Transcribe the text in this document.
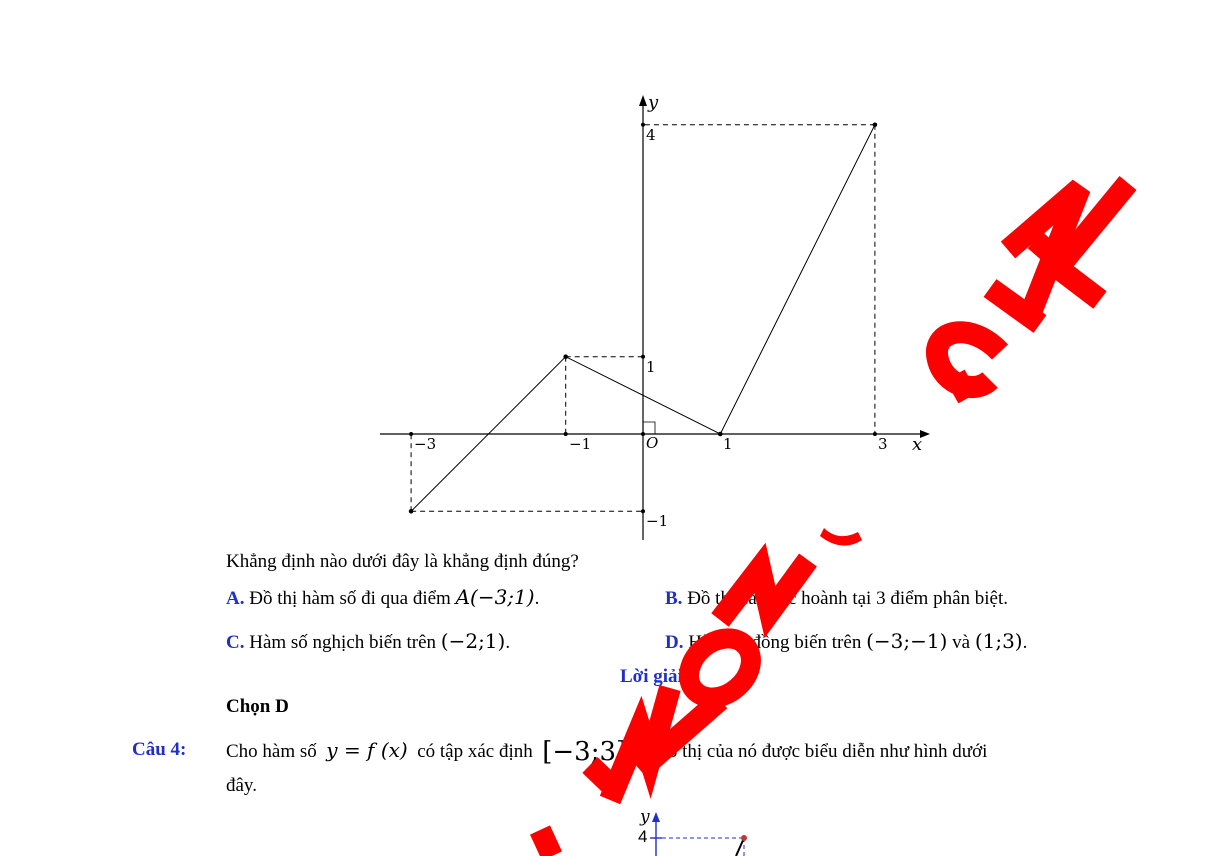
y
x
O
−3	−1	1	3
4
1
−1
Khẳng định nào dưới đây là khẳng định đúng?
A. Đồ thị hàm số đi qua điểm A(−3;1).	B. Đồ thị cắt trục hoành tại 3 điểm phân biệt.
C. Hàm số nghịch biến trên (−2;1).	D. Hàm số đồng biến trên (−3;−1) và (1;3).
Lời giải
Chọn D
Câu 4: Cho hàm số y = f (x) có tập xác định [−3;3] và đồ thị của nó được biểu diễn như hình dưới
đây.
y
4
